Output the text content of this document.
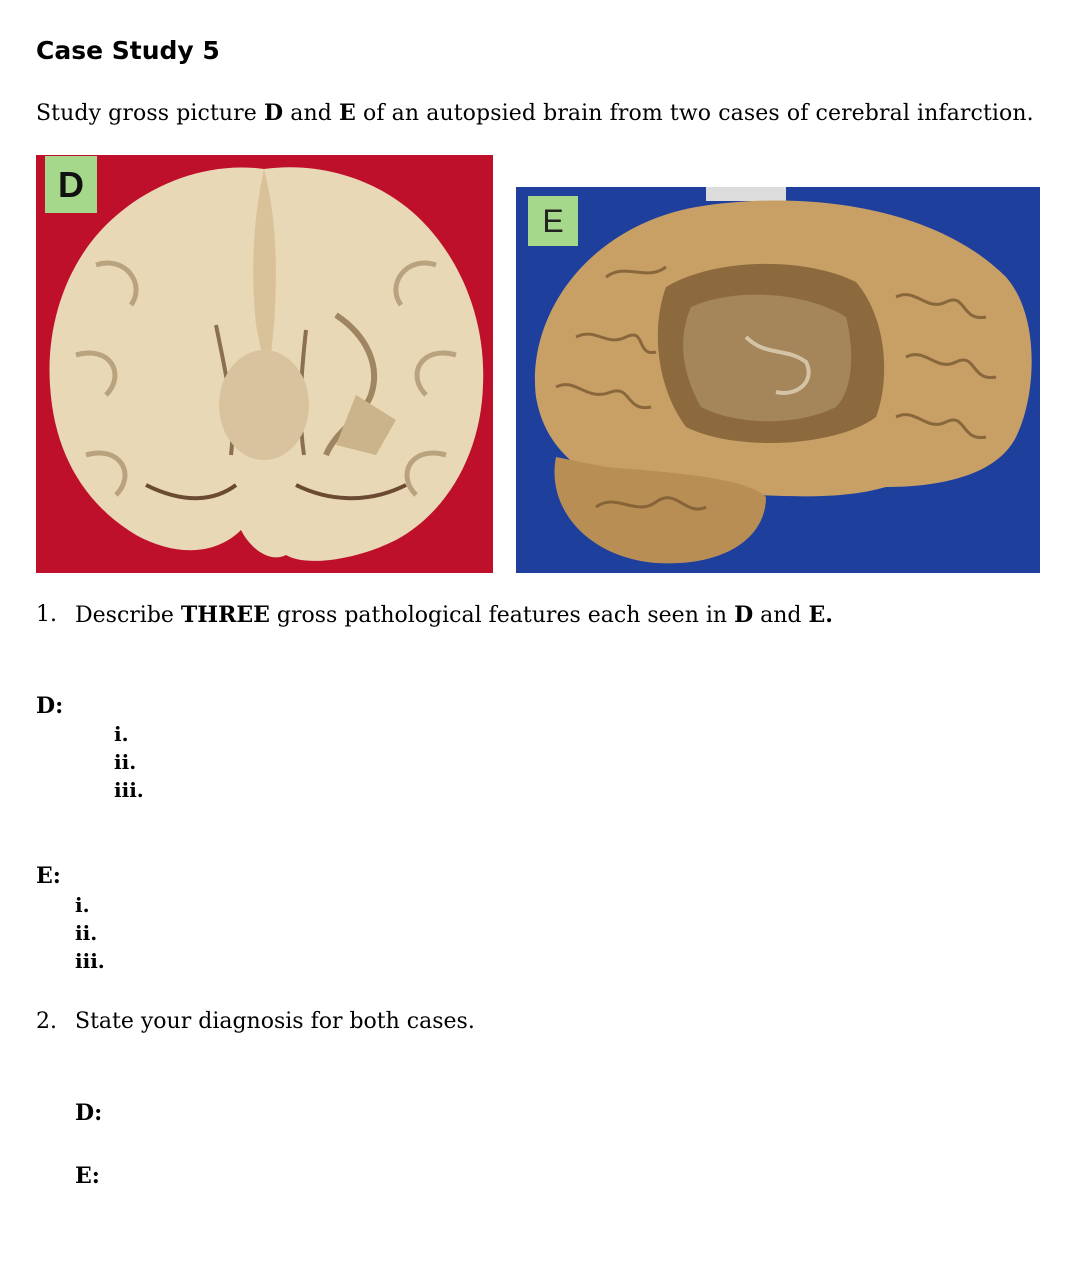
Case Study 5
Study gross picture D and E of an autopsied brain from two cases of cerebral infarction.
D
E
1. Describe THREE gross pathological features each seen in D and E.
D:
i.
ii.
iii.
E:
i.
ii.
iii.
2. State your diagnosis for both cases.
D:
E:
